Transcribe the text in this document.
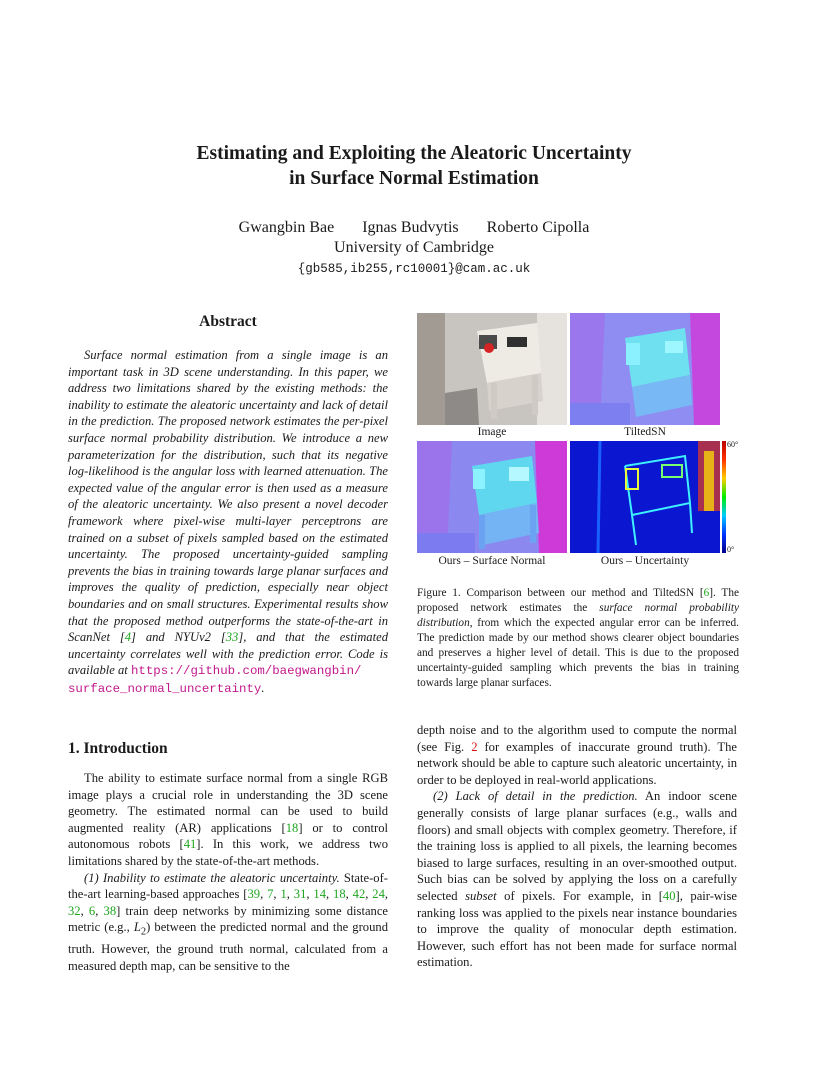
Estimating and Exploiting the Aleatoric Uncertainty
in Surface Normal Estimation
Gwangbin Bae Ignas Budvytis Roberto Cipolla
University of Cambridge
{gb585,ib255,rc10001}@cam.ac.uk
Abstract
Surface normal estimation from a single image is an important task in 3D scene understanding. In this paper, we address two limitations shared by the existing methods: the inability to estimate the aleatoric uncertainty and lack of detail in the prediction. The proposed network estimates the per-pixel surface normal probability distribution. We introduce a new parameterization for the distribution, such that its negative log-likelihood is the angular loss with learned attenuation. The expected value of the angular error is then used as a measure of the aleatoric uncertainty. We also present a novel decoder framework where pixel-wise multi-layer perceptrons are trained on a subset of pixels sampled based on the estimated uncertainty. The proposed uncertainty-guided sampling prevents the bias in training towards large planar surfaces and improves the quality of prediction, especially near object boundaries and on small structures. Experimental results show that the proposed method outperforms the state-of-the-art in ScanNet [4] and NYUv2 [33], and that the estimated uncertainty correlates well with the prediction error. Code is available at https://github.com/baegwangbin/
surface_normal_uncertainty.
Image	TiltedSN
60°
0°
Ours – Surface Normal	Ours – Uncertainty
Figure 1. Comparison between our method and TiltedSN [6]. The proposed network estimates the surface normal probability distribution, from which the expected angular error can be inferred. The prediction made by our method shows clearer object boundaries and preserves a higher level of detail. This is due to the proposed uncertainty-guided sampling which prevents the bias in training towards large planar surfaces.
1. Introduction

The ability to estimate surface normal from a single RGB image plays a crucial role in understanding the 3D scene geometry. The estimated normal can be used to build augmented reality (AR) applications [18] or to control autonomous robots [41]. In this work, we address two limitations shared by the state-of-the-art methods.

(1) Inability to estimate the aleatoric uncertainty. State-of-the-art learning-based approaches [39, 7, 1, 31, 14, 18, 42, 24, 32, 6, 38] train deep networks by minimizing some distance metric (e.g., $L_2$) between the predicted normal and the ground truth. However, the ground truth normal, calculated from a measured depth map, can be sensitive to the

depth noise and to the algorithm used to compute the normal (see Fig. 2 for examples of inaccurate ground truth). The network should be able to capture such aleatoric uncertainty, in order to be deployed in real-world applications.

(2) Lack of detail in the prediction. An indoor scene generally consists of large planar surfaces (e.g., walls and floors) and small objects with complex geometry. Therefore, if the training loss is applied to all pixels, the learning becomes biased to large surfaces, resulting in an over-smoothed output. Such bias can be solved by applying the loss on a carefully selected subset of pixels. For example, in [40], pair-wise ranking loss was applied to the pixels near instance boundaries to improve the quality of monocular depth estimation. However, such effort has not been made for surface normal estimation.
